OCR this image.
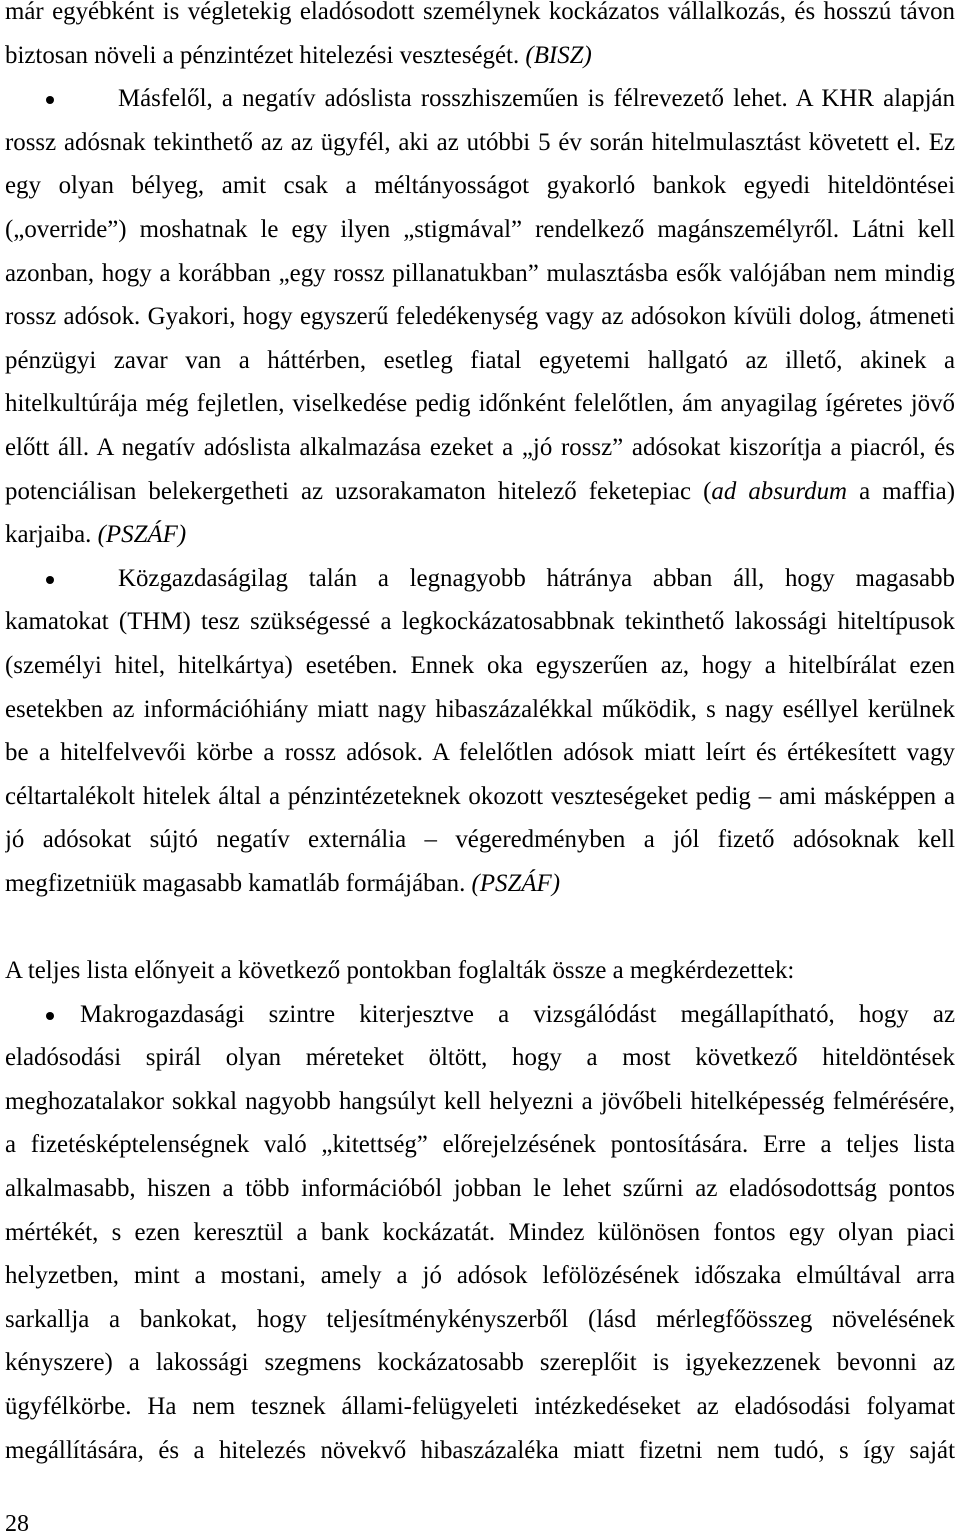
már egyébként is végletekig eladósodott személynek kockázatos vállalkozás, és hosszú távon
biztosan növeli a pénzintézet hitelezési veszteségét. (BISZ)
Másfelől, a negatív adóslista rosszhiszeműen is félrevezető lehet. A KHR alapján
rossz adósnak tekinthető az az ügyfél, aki az utóbbi 5 év során hitelmulasztást követett el. Ez
egy olyan bélyeg, amit csak a méltányosságot gyakorló bankok egyedi hiteldöntései
(„override”) moshatnak le egy ilyen „stigmával” rendelkező magánszemélyről. Látni kell
azonban, hogy a korábban „egy rossz pillanatukban” mulasztásba esők valójában nem mindig
rossz adósok. Gyakori, hogy egyszerű feledékenység vagy az adósokon kívüli dolog, átmeneti
pénzügyi zavar van a háttérben, esetleg fiatal egyetemi hallgató az illető, akinek a
hitelkultúrája még fejletlen, viselkedése pedig időnként felelőtlen, ám anyagilag ígéretes jövő
előtt áll. A negatív adóslista alkalmazása ezeket a „jó rossz” adósokat kiszorítja a piacról, és
potenciálisan belekergetheti az uzsorakamaton hitelező feketepiac (ad absurdum a maffia)
karjaiba. (PSZÁF)
Közgazdaságilag talán a legnagyobb hátránya abban áll, hogy magasabb
kamatokat (THM) tesz szükségessé a legkockázatosabbnak tekinthető lakossági hiteltípusok
(személyi hitel, hitelkártya) esetében. Ennek oka egyszerűen az, hogy a hitelbírálat ezen
esetekben az információhiány miatt nagy hibaszázalékkal működik, s nagy eséllyel kerülnek
be a hitelfelvevői körbe a rossz adósok. A felelőtlen adósok miatt leírt és értékesített vagy
céltartalékolt hitelek által a pénzintézeteknek okozott veszteségeket pedig – ami másképpen a
jó adósokat sújtó negatív externália – végeredményben a jól fizető adósoknak kell
megfizetniük magasabb kamatláb formájában. (PSZÁF)
A teljes lista előnyeit a következő pontokban foglalták össze a megkérdezettek:
Makrogazdasági szintre kiterjesztve a vizsgálódást megállapítható, hogy az
eladósodási spirál olyan méreteket öltött, hogy a most következő hiteldöntések
meghozatalakor sokkal nagyobb hangsúlyt kell helyezni a jövőbeli hitelképesség felmérésére,
a fizetésképtelenségnek való „kitettség” előrejelzésének pontosítására. Erre a teljes lista
alkalmasabb, hiszen a több információból jobban le lehet szűrni az eladósodottság pontos
mértékét, s ezen keresztül a bank kockázatát. Mindez különösen fontos egy olyan piaci
helyzetben, mint a mostani, amely a jó adósok lefölözésének időszaka elmúltával arra
sarkallja a bankokat, hogy teljesítménykényszerből (lásd mérlegfőösszeg növelésének
kényszere) a lakossági szegmens kockázatosabb szereplőit is igyekezzenek bevonni az
ügyfélkörbe. Ha nem tesznek állami-felügyeleti intézkedéseket az eladósodási folyamat
megállítására, és a hitelezés növekvő hibaszázaléka miatt fizetni nem tudó, s így saját
28
